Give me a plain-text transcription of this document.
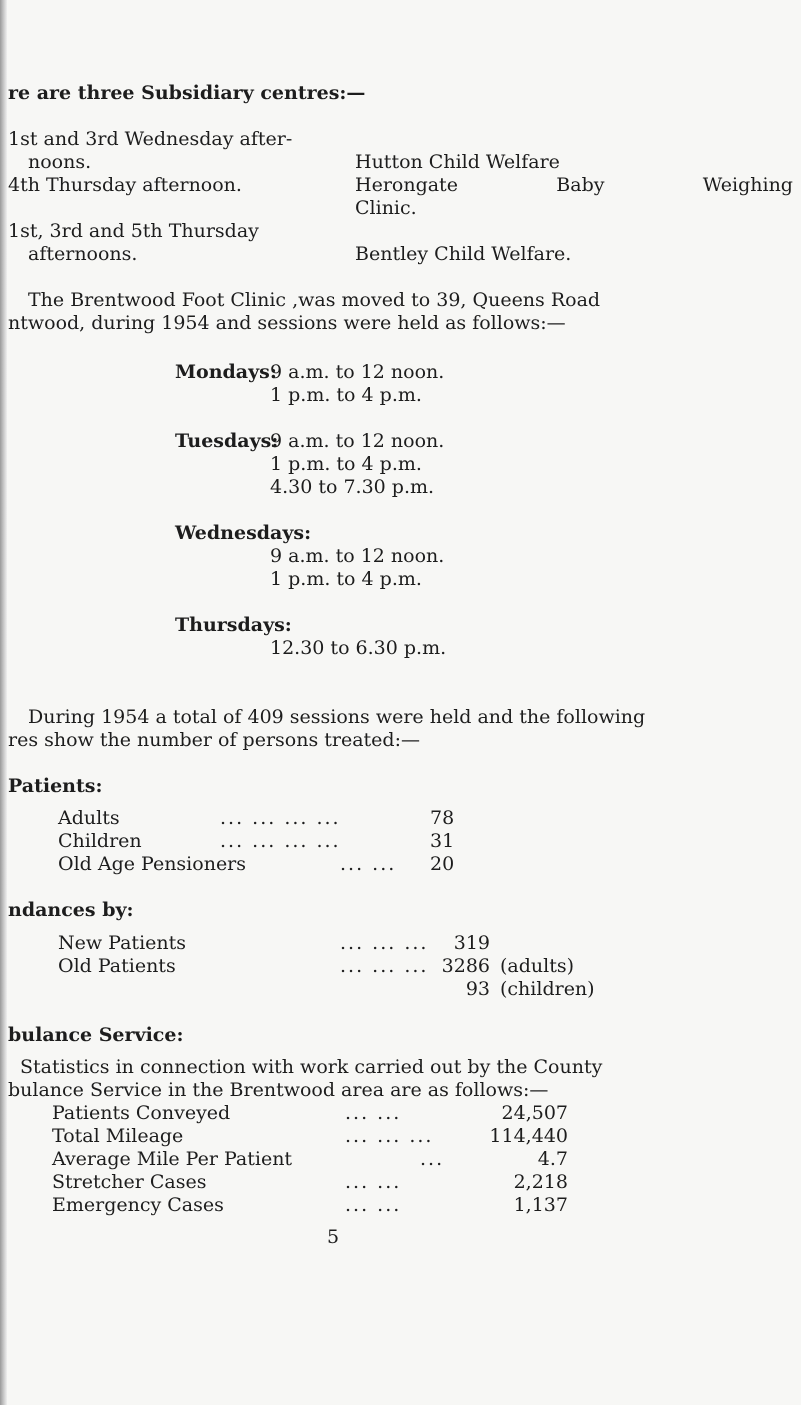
re are three Subsidiary centres:—
1st and 3rd Wednesday after-
noons.	Hutton Child Welfare
4th Thursday afternoon.	Herongate	Baby	Weighing
Clinic.
1st, 3rd and 5th Thursday
afternoons.	Bentley Child Welfare.
The Brentwood Foot Clinic ,was moved to 39, Queens Road
ntwood, during 1954 and sessions were held as follows:—
Mondays:
9 a.m. to 12 noon.
1 p.m. to 4 p.m.
Tuesdays:
9 a.m. to 12 noon.
1 p.m. to 4 p.m.
4.30 to 7.30 p.m.
Wednesdays:
9 a.m. to 12 noon.
1 p.m. to 4 p.m.
Thursdays:
12.30 to 6.30 p.m.
During 1954 a total of 409 sessions were held and the following
res show the number of persons treated:—
Patients:
Adults	... ... ... ...	78
Children	... ... ... ...	31
Old Age Pensioners	... ... 20
ndances by:
New Patients	... ... ...	319
Old Patients	... ... ... 3286 (adults)
93 (children)
bulance Service:
Statistics in connection with work carried out by the County
bulance Service in the Brentwood area are as follows:—
Patients Conveyed	... ...	24,507
Total Mileage	... ... ...	114,440
Average Mile Per Patient	...	4.7
Stretcher Cases	... ...	2,218
Emergency Cases	... ...	1,137
5
